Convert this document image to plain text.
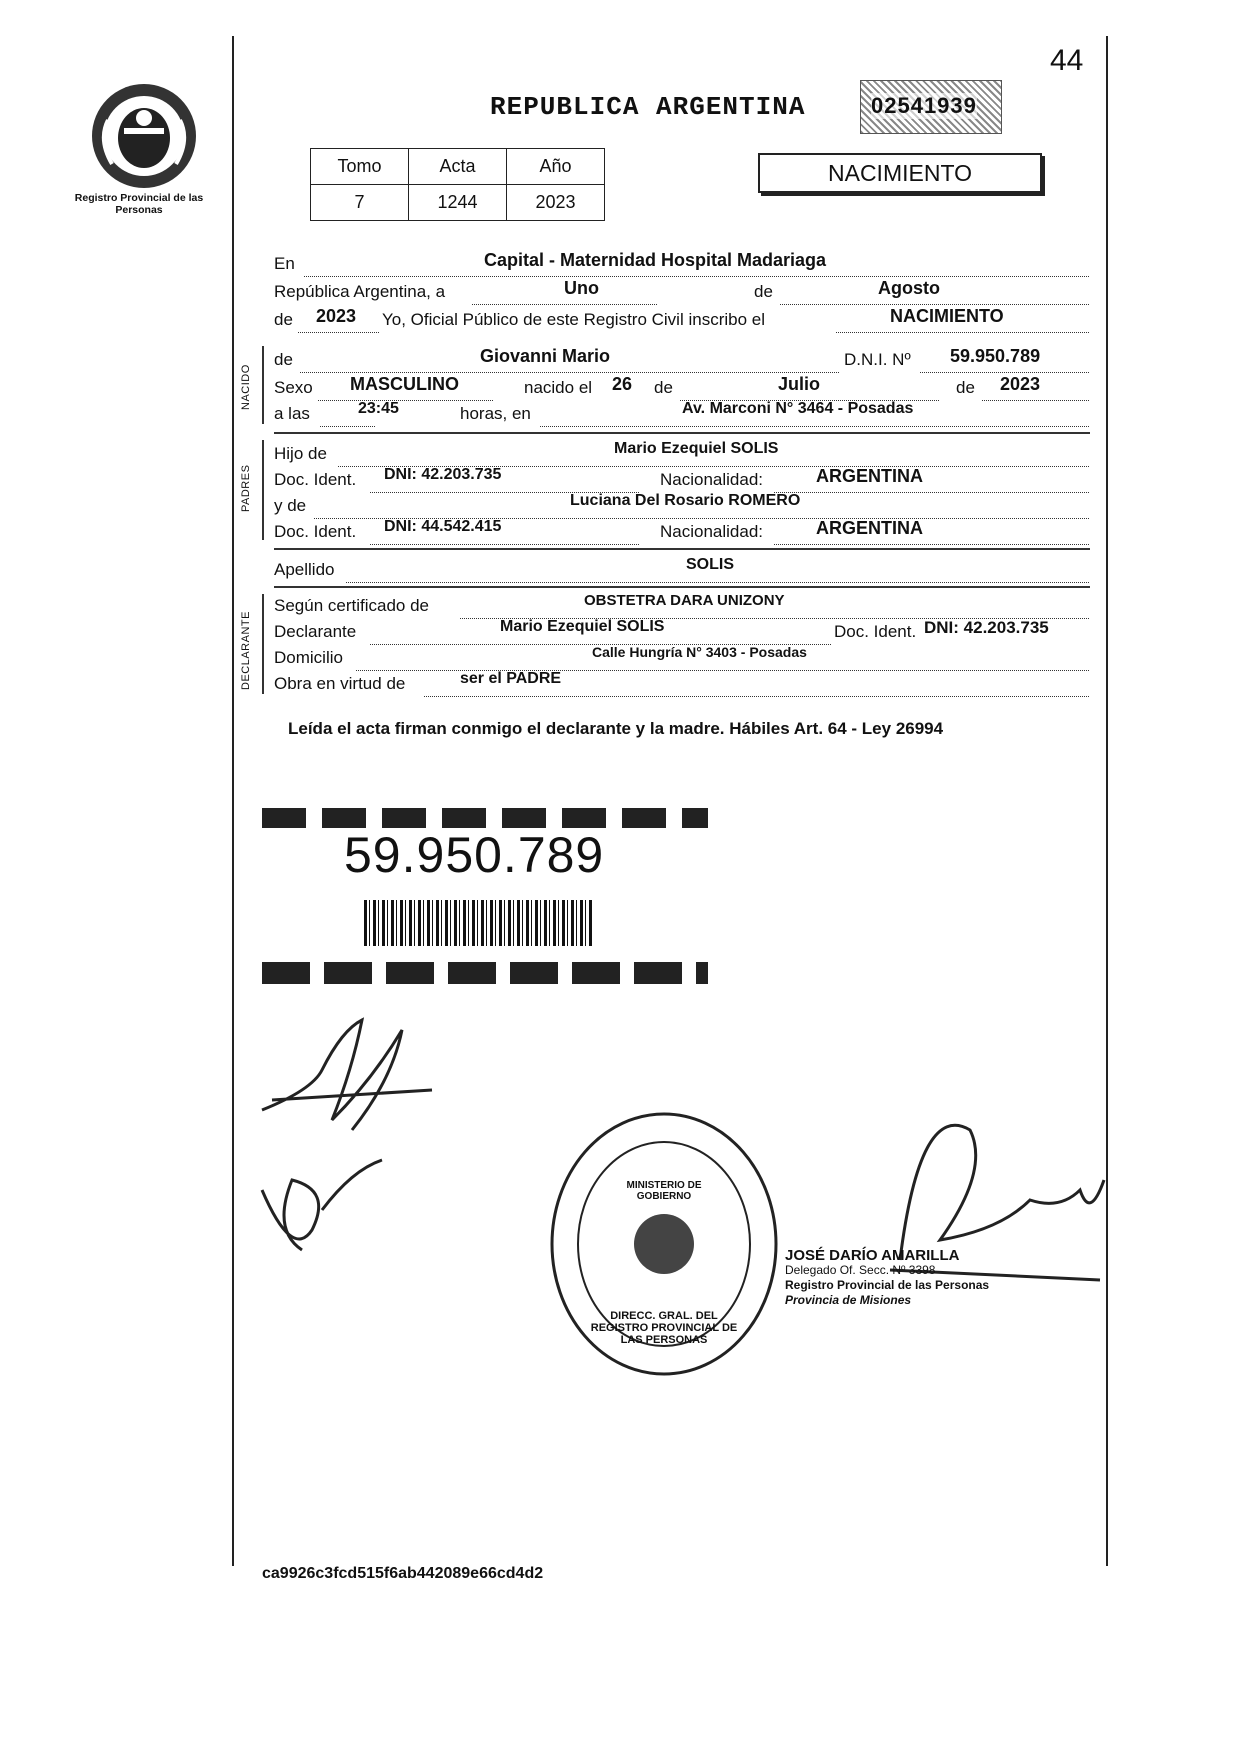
44
Registro Provincial de las Personas
REPUBLICA ARGENTINA	02541939
Tomo	Acta	Año
7	1244	2023
NACIMIENTO
En	Capital - Maternidad Hospital Madariaga
República Argentina, a	Uno	de	Agosto
de 2023 Yo, Oficial Público de este Registro Civil inscribo el	NACIMIENTO
NACIDO
de	Giovanni Mario	D.N.I. Nº 59.950.789
Sexo MASCULINO	nacido el 26 de	Julio	de 2023
a las	23:45	horas, en	Av. Marconi N° 3464 - Posadas
PADRES
Hijo de	Mario Ezequiel SOLIS
Doc. Ident. DNI: 42.203.735	Nacionalidad:	ARGENTINA
y de	Luciana Del Rosario ROMERO
Doc. Ident. DNI: 44.542.415	Nacionalidad:	ARGENTINA
Apellido	SOLIS
DECLARANTE
Según certificado de	OBSTETRA DARA UNIZONY
Declarante	Mario Ezequiel SOLIS	Doc. Ident. DNI: 42.203.735
Domicilio	Calle Hungría N° 3403 - Posadas
Obra en virtud de	ser el PADRE
Leída el acta firman conmigo el declarante y la madre. Hábiles Art. 64 - Ley 26994
59.950.789
DIRECC. GRAL. DEL REGISTRO PROVINCIAL DE LAS PERSONAS
MINISTERIO DE GOBIERNO
JOSÉ DARÍO AMARILLA
Delegado Of. Secc. Nº 3398
Registro Provincial de las Personas
Provincia de Misiones
ca9926c3fcd515f6ab442089e66cd4d2
